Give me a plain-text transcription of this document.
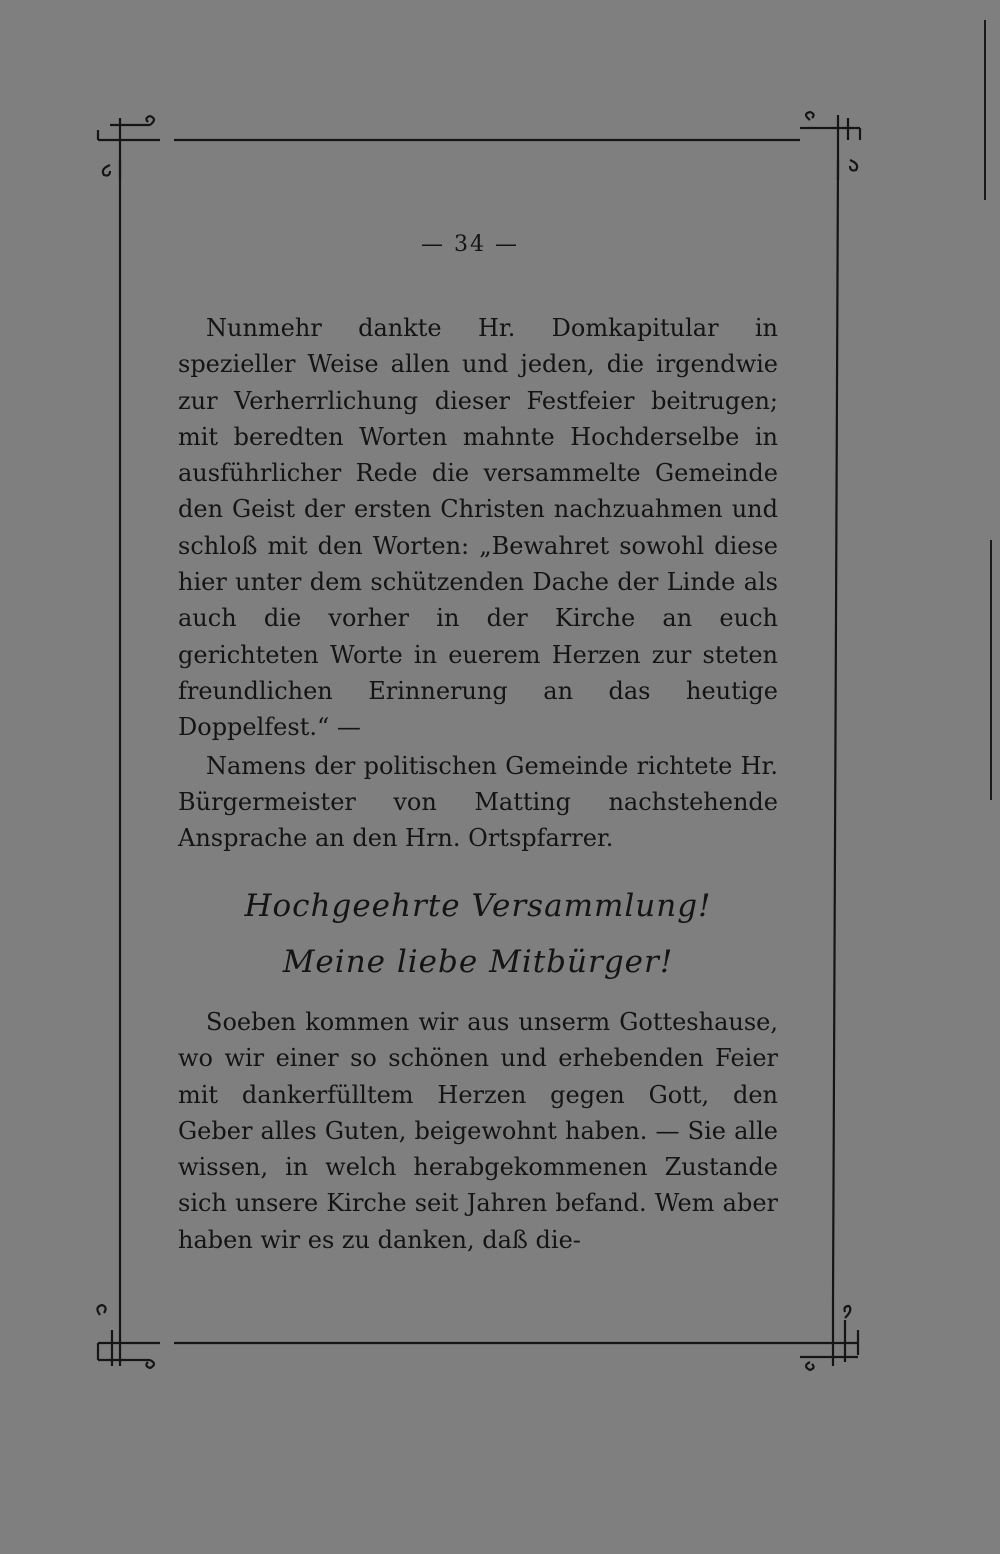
— 34 —

Nunmehr dankte Hr. Domkapitular in spezieller Weise allen und jeden, die irgendwie zur Verherrlichung dieser Festfeier beitrugen; mit beredten Worten mahnte Hochderselbe in ausführlicher Rede die versammelte Gemeinde den Geist der ersten Christen nachzuahmen und schloß mit den Worten: „Bewahret sowohl diese hier unter dem schützenden Dache der Linde als auch die vorher in der Kirche an euch gerichteten Worte in euerem Herzen zur steten freundlichen Erinnerung an das heutige Doppelfest.“ —

Namens der politischen Gemeinde richtete Hr. Bürgermeister von Matting nachstehende Ansprache an den Hrn. Ortspfarrer.

Hochgeehrte Versammlung!
Meine liebe Mitbürger!

Soeben kommen wir aus unserm Gotteshause, wo wir einer so schönen und erhebenden Feier mit dankerfülltem Herzen gegen Gott, den Geber alles Guten, beigewohnt haben. — Sie alle wissen, in welch herabgekommenen Zustande sich unsere Kirche seit Jahren befand. Wem aber haben wir es zu danken, daß die-
